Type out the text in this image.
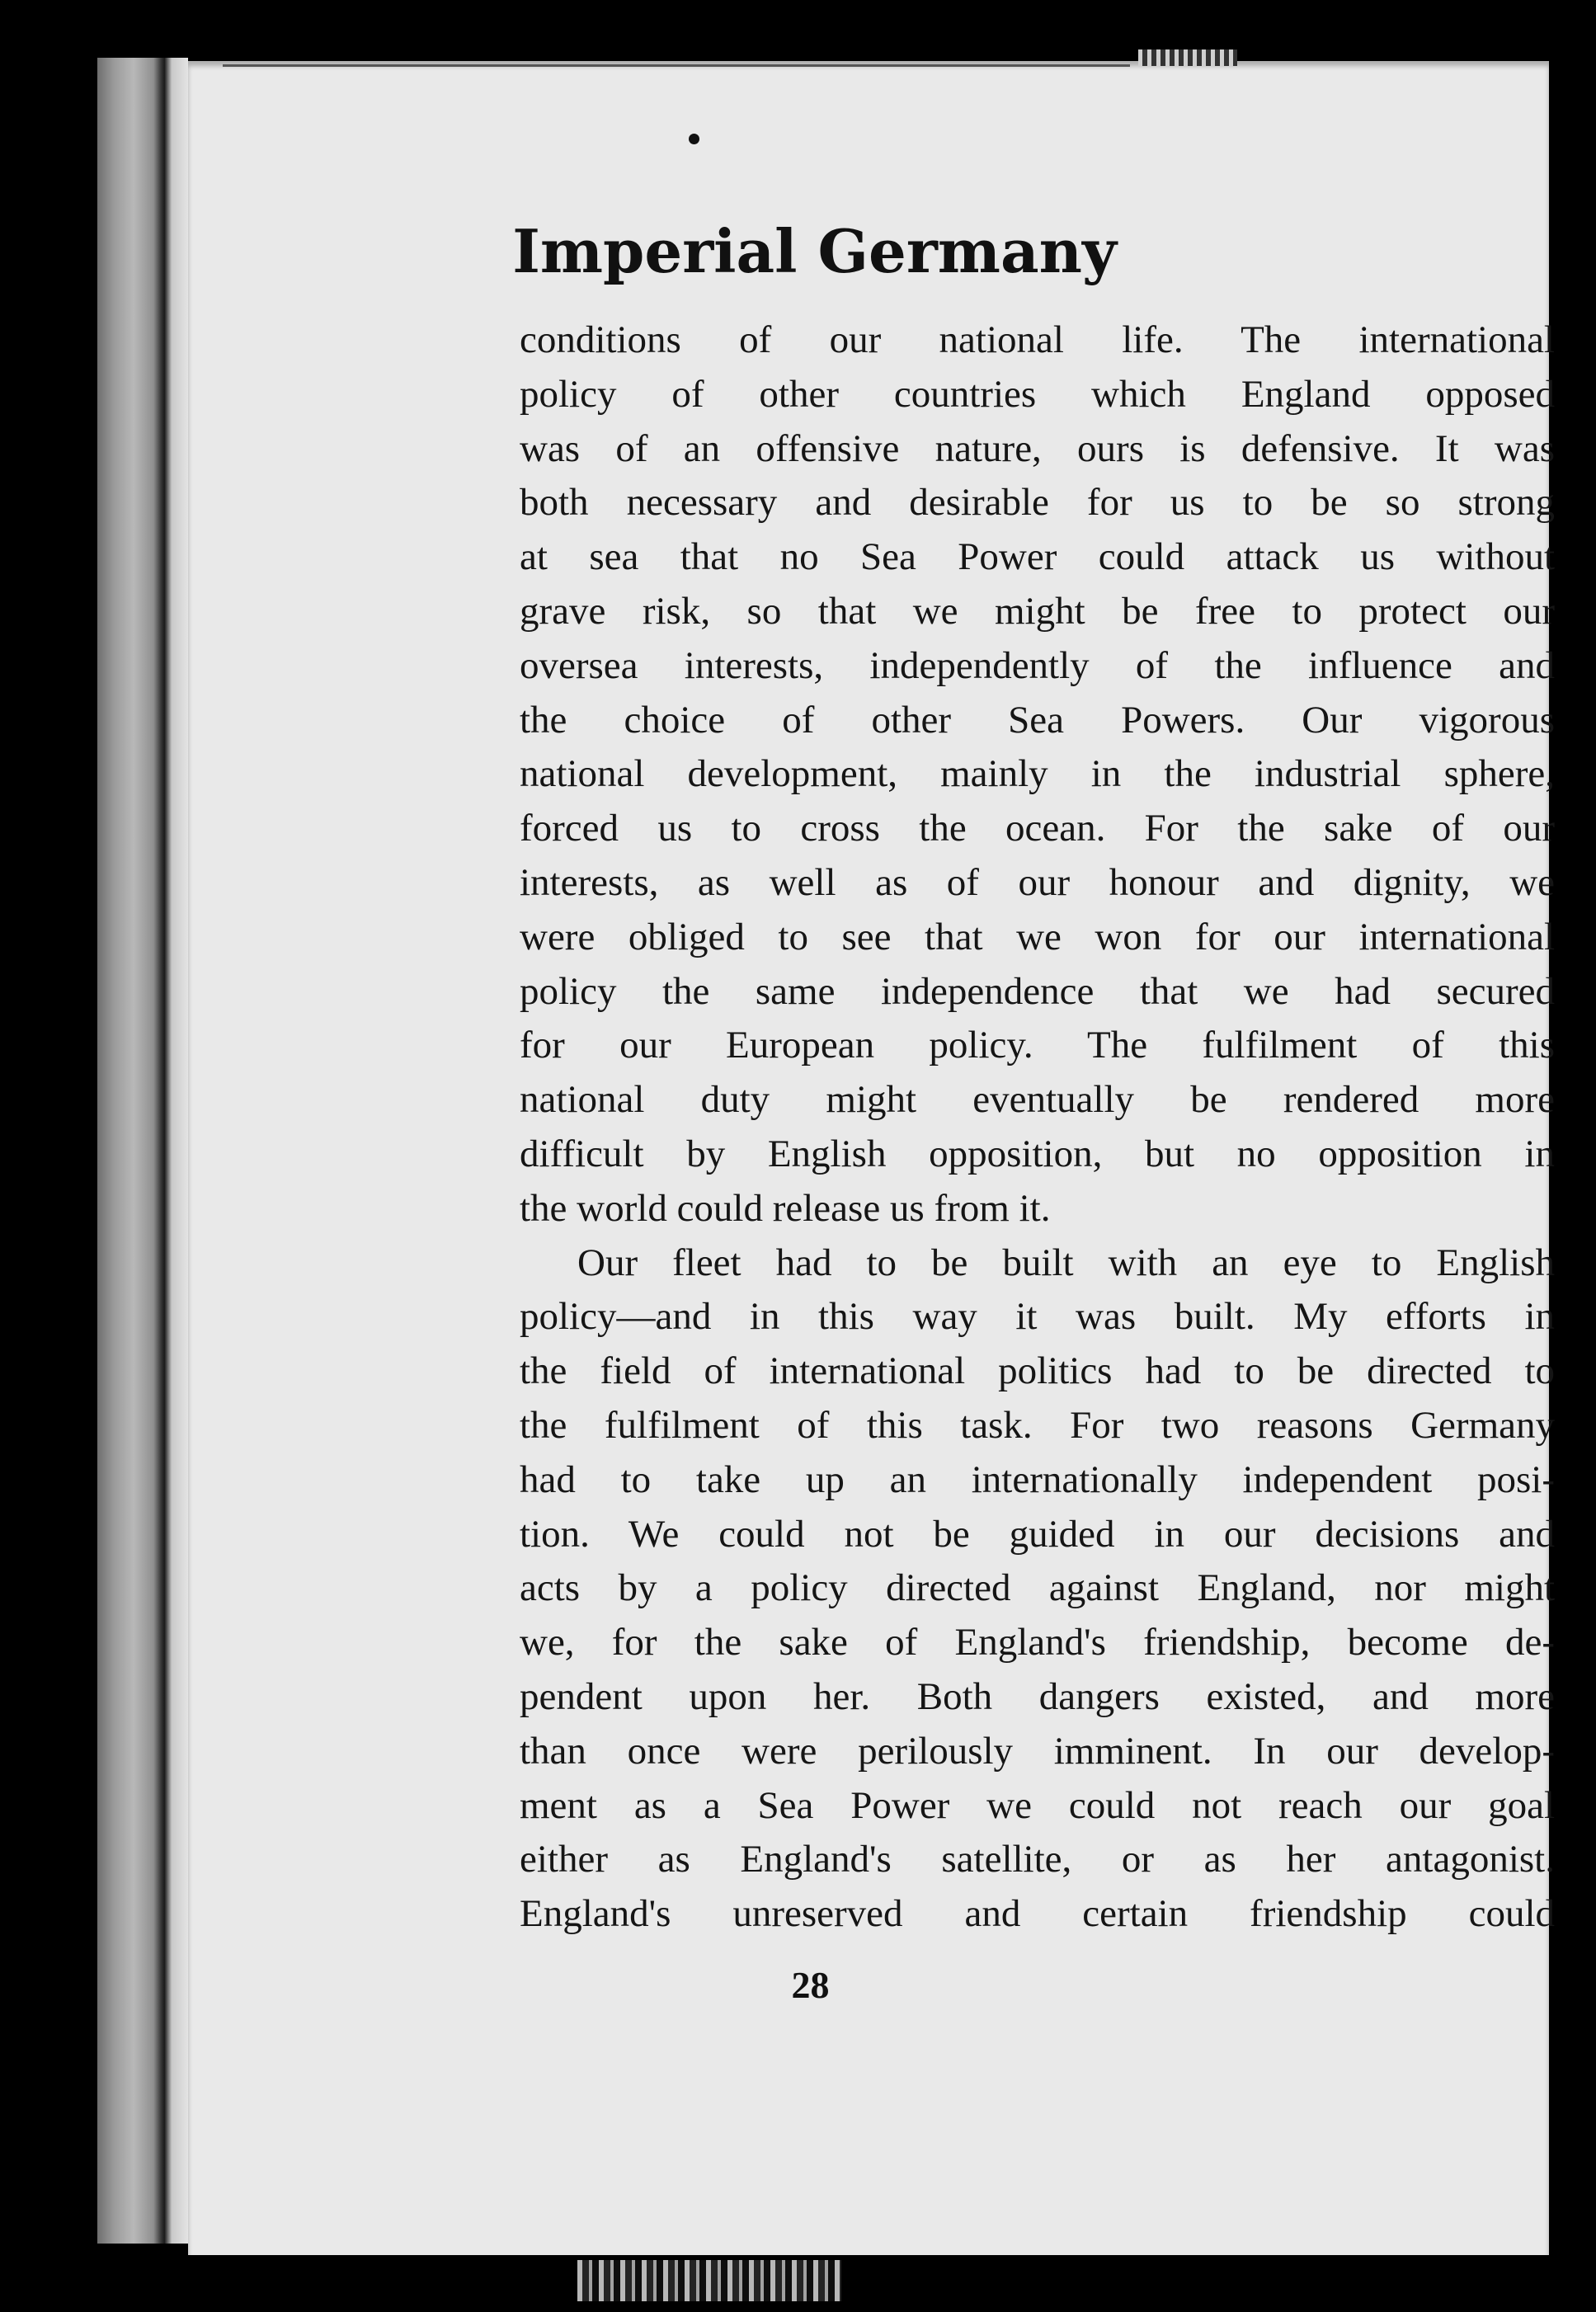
Imperial Germany
conditions of our national life. The international
policy of other countries which England opposed
was of an offensive nature, ours is defensive. It was
both necessary and desirable for us to be so strong
at sea that no Sea Power could attack us without
grave risk, so that we might be free to protect our
oversea interests, independently of the influence and
the choice of other Sea Powers. Our vigorous
national development, mainly in the industrial sphere,
forced us to cross the ocean. For the sake of our
interests, as well as of our honour and dignity, we
were obliged to see that we won for our international
policy the same independence that we had secured
for our European policy. The fulfilment of this
national duty might eventually be rendered more
difficult by English opposition, but no opposition in
the world could release us from it.
Our fleet had to be built with an eye to English
policy—and in this way it was built. My efforts in
the field of international politics had to be directed to
the fulfilment of this task. For two reasons Germany
had to take up an internationally independent posi-
tion. We could not be guided in our decisions and
acts by a policy directed against England, nor might
we, for the sake of England's friendship, become de-
pendent upon her. Both dangers existed, and more
than once were perilously imminent. In our develop-
ment as a Sea Power we could not reach our goal
either as England's satellite, or as her antagonist.
England's unreserved and certain friendship could
28
